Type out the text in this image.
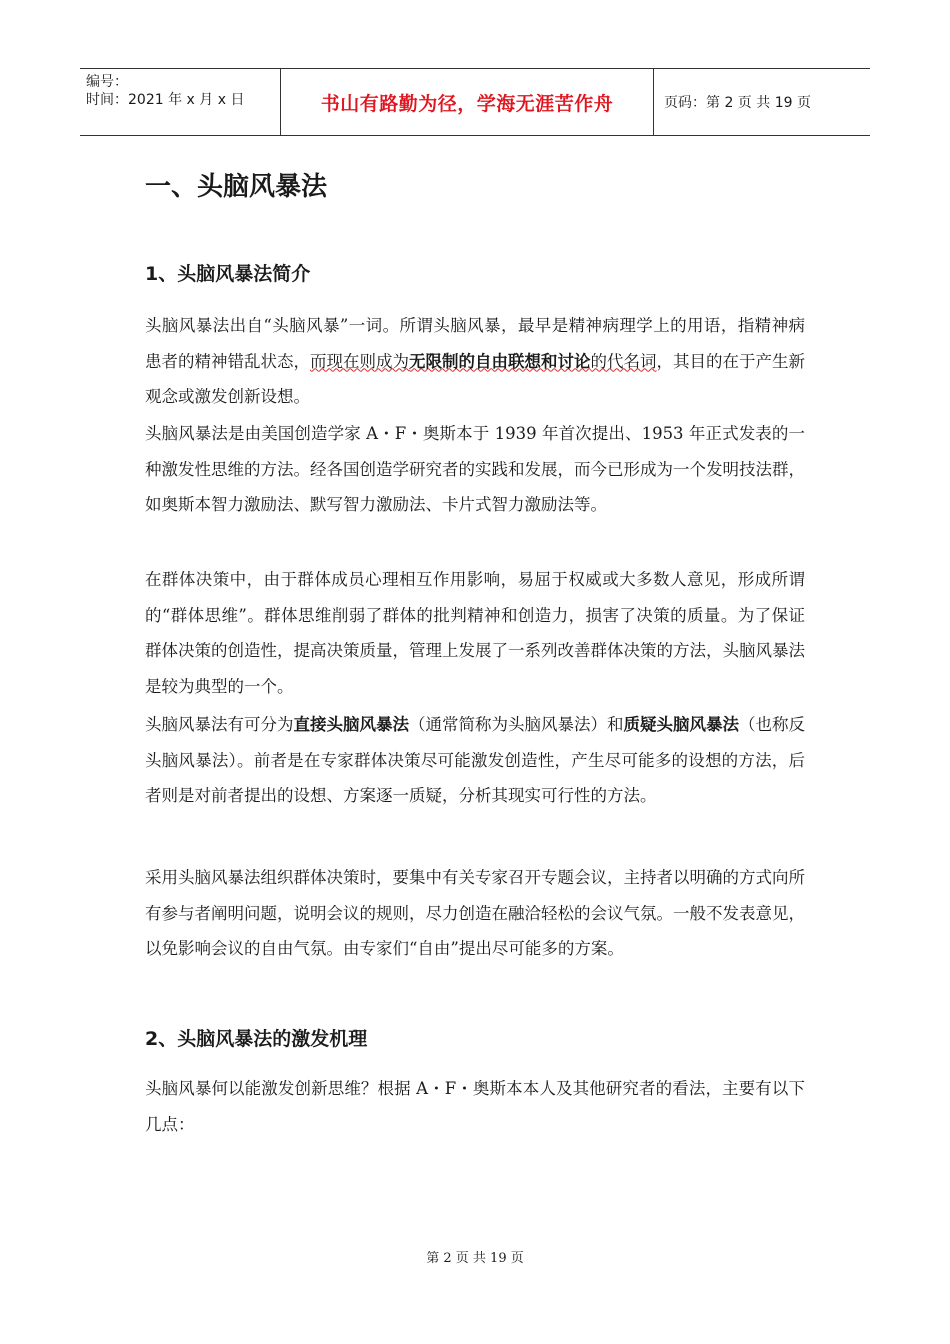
编号：
时间：2021 年 x 月 x 日	书山有路勤为径，学海无涯苦作舟	页码：第 2 页 共 19 页
一、头脑风暴法
1、头脑风暴法简介

头脑风暴法出自“头脑风暴”一词。所谓头脑风暴，最早是精神病理学上的用语，指精神病患者的精神错乱状态，而现在则成为无限制的自由联想和讨论的代名词，其目的在于产生新观念或激发创新设想。

头脑风暴法是由美国创造学家 A・F・奥斯本于 1939 年首次提出、1953 年正式发表的一种激发性思维的方法。经各国创造学研究者的实践和发展，而今已形成为一个发明技法群，如奥斯本智力激励法、默写智力激励法、卡片式智力激励法等。

在群体决策中，由于群体成员心理相互作用影响，易屈于权威或大多数人意见，形成所谓的“群体思维”。群体思维削弱了群体的批判精神和创造力，损害了决策的质量。为了保证群体决策的创造性，提高决策质量，管理上发展了一系列改善群体决策的方法，头脑风暴法是较为典型的一个。

头脑风暴法有可分为直接头脑风暴法（通常简称为头脑风暴法）和质疑头脑风暴法（也称反头脑风暴法）。前者是在专家群体决策尽可能激发创造性，产生尽可能多的设想的方法，后者则是对前者提出的设想、方案逐一质疑，分析其现实可行性的方法。

采用头脑风暴法组织群体决策时，要集中有关专家召开专题会议，主持者以明确的方式向所有参与者阐明问题，说明会议的规则，尽力创造在融洽轻松的会议气氛。一般不发表意见，以免影响会议的自由气氛。由专家们“自由”提出尽可能多的方案。

2、头脑风暴法的激发机理

头脑风暴何以能激发创新思维？根据 A・F・奥斯本本人及其他研究者的看法，主要有以下几点：

第 2 页 共 19 页
